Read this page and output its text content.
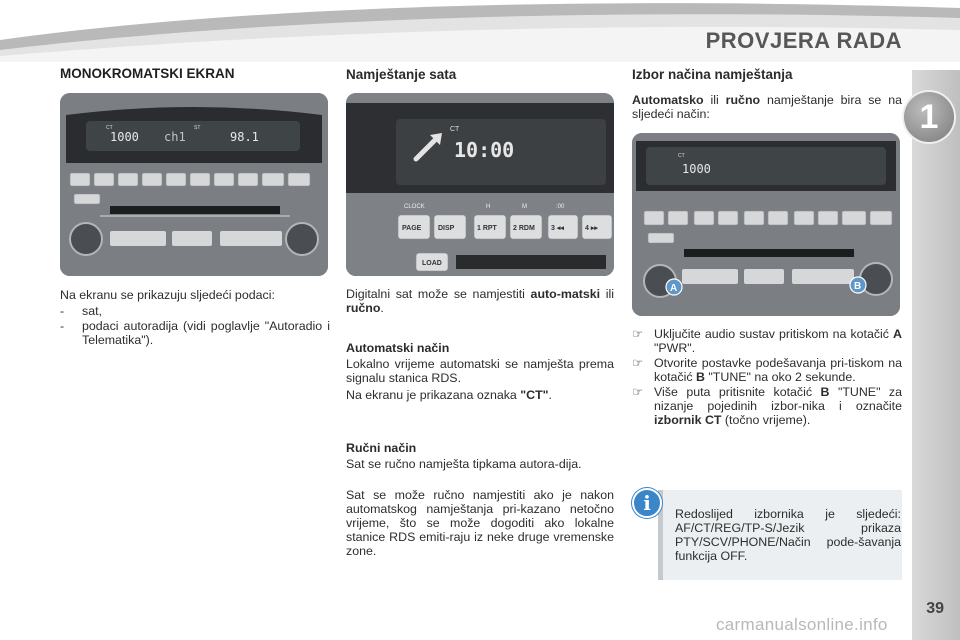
PROVJERA RADA
1
39
MONOKROMATSKI EKRAN
1000
CT
ch1
ST
98.1
Na ekranu se prikazuju sljedeći podaci:
- sat,
- podaci autoradija (vidi poglavlje "Autoradio i Telematika").
Namještanje sata
CT
10:00
CLOCK	H	M	:00
PAGE DISP	1 RPT 2 RDM 3 ◂◂	4 ▸▸
LOAD
Digitalni sat može se namjestiti auto-matski ili ručno.
Automatski način
Lokalno vrijeme automatski se namješta prema signalu stanica RDS.
Na ekranu je prikazana oznaka "CT".
Ručni način
Sat se ručno namješta tipkama autora-dija.
Sat se može ručno namjestiti ako je nakon automatskog namještanja pri-kazano netočno vrijeme, što se može dogoditi ako lokalne stanice RDS emiti-raju iz neke druge vremenske zone.
Izbor načina namještanja
Automatsko ili ručno namještanje bira se na sljedeći način:
CT
1000
A	B
☞ Uključite audio sustav pritiskom na kotačić A "PWR".
☞ Otvorite postavke podešavanja pri-tiskom na kotačić B "TUNE" na oko 2 sekunde.
☞ Više puta pritisnite kotačić B "TUNE" za nizanje pojedinih izbor-nika i označite izbornik CT (točno vrijeme).
Redoslijed izbornika je sljedeći: AF/CT/REG/TP-S/Jezik prikaza PTY/SCV/PHONE/Način pode-šavanja funkcija OFF.
i
carmanualsonline.info
